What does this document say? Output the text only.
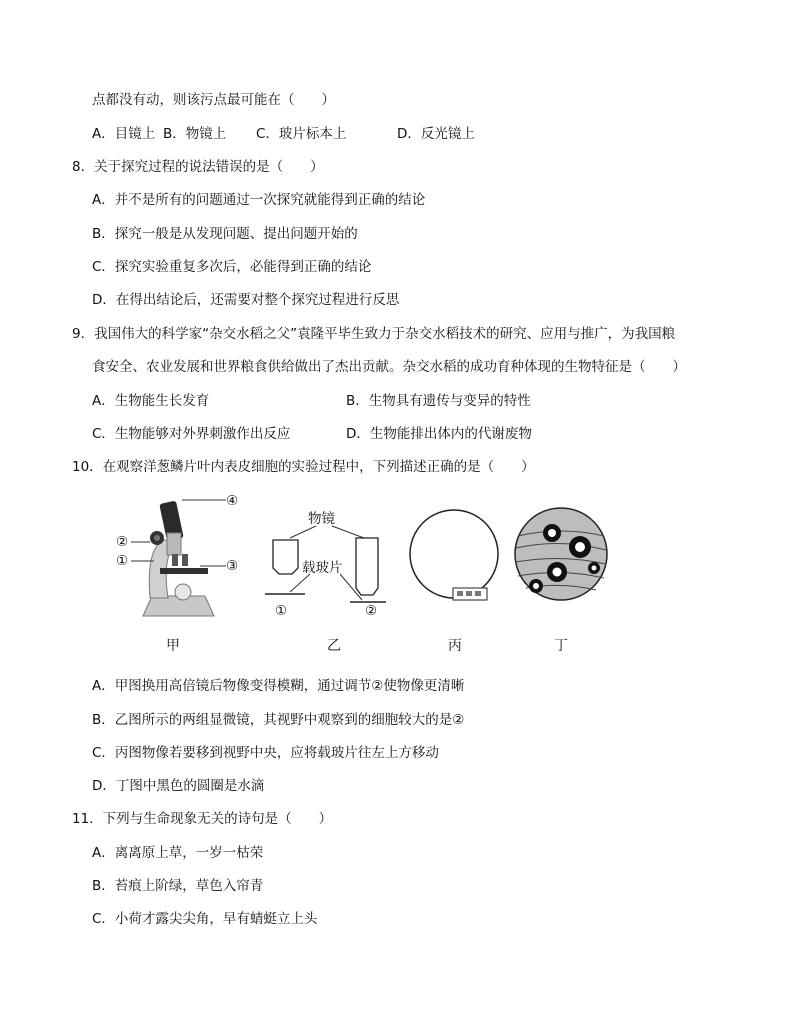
点都没有动，则该污点最可能在（　　）
A．目镜上 B．物镜上 C．玻片标本上	D．反光镜上
8．关于探究过程的说法错误的是（　　）
A．并不是所有的问题通过一次探究就能得到正确的结论
B．探究一般是从发现问题、提出问题开始的
C．探究实验重复多次后，必能得到正确的结论
D．在得出结论后，还需要对整个探究过程进行反思
9．我国伟大的科学家“杂交水稻之父”袁隆平毕生致力于杂交水稻技术的研究、应用与推广，为我国粮
食安全、农业发展和世界粮食供给做出了杰出贡献。杂交水稻的成功育种体现的生物特征是（　　）
A．生物能生长发育	B．生物具有遗传与变异的特性
C．生物能够对外界刺激作出反应	D．生物能排出体内的代谢废物
10．在观察洋葱鳞片叶内表皮细胞的实验过程中，下列描述正确的是（　　）
④
②
①	③
物镜
载玻片
①	②
甲	乙	丙	丁
A．甲图换用高倍镜后物像变得模糊，通过调节②使物像更清晰
B．乙图所示的两组显微镜，其视野中观察到的细胞较大的是②
C．丙图物像若要移到视野中央，应将载玻片往左上方移动
D．丁图中黑色的圆圈是水滴
11．下列与生命现象无关的诗句是（　　）
A．离离原上草，一岁一枯荣
B．苔痕上阶绿，草色入帘青
C．小荷才露尖尖角，早有蜻蜓立上头
